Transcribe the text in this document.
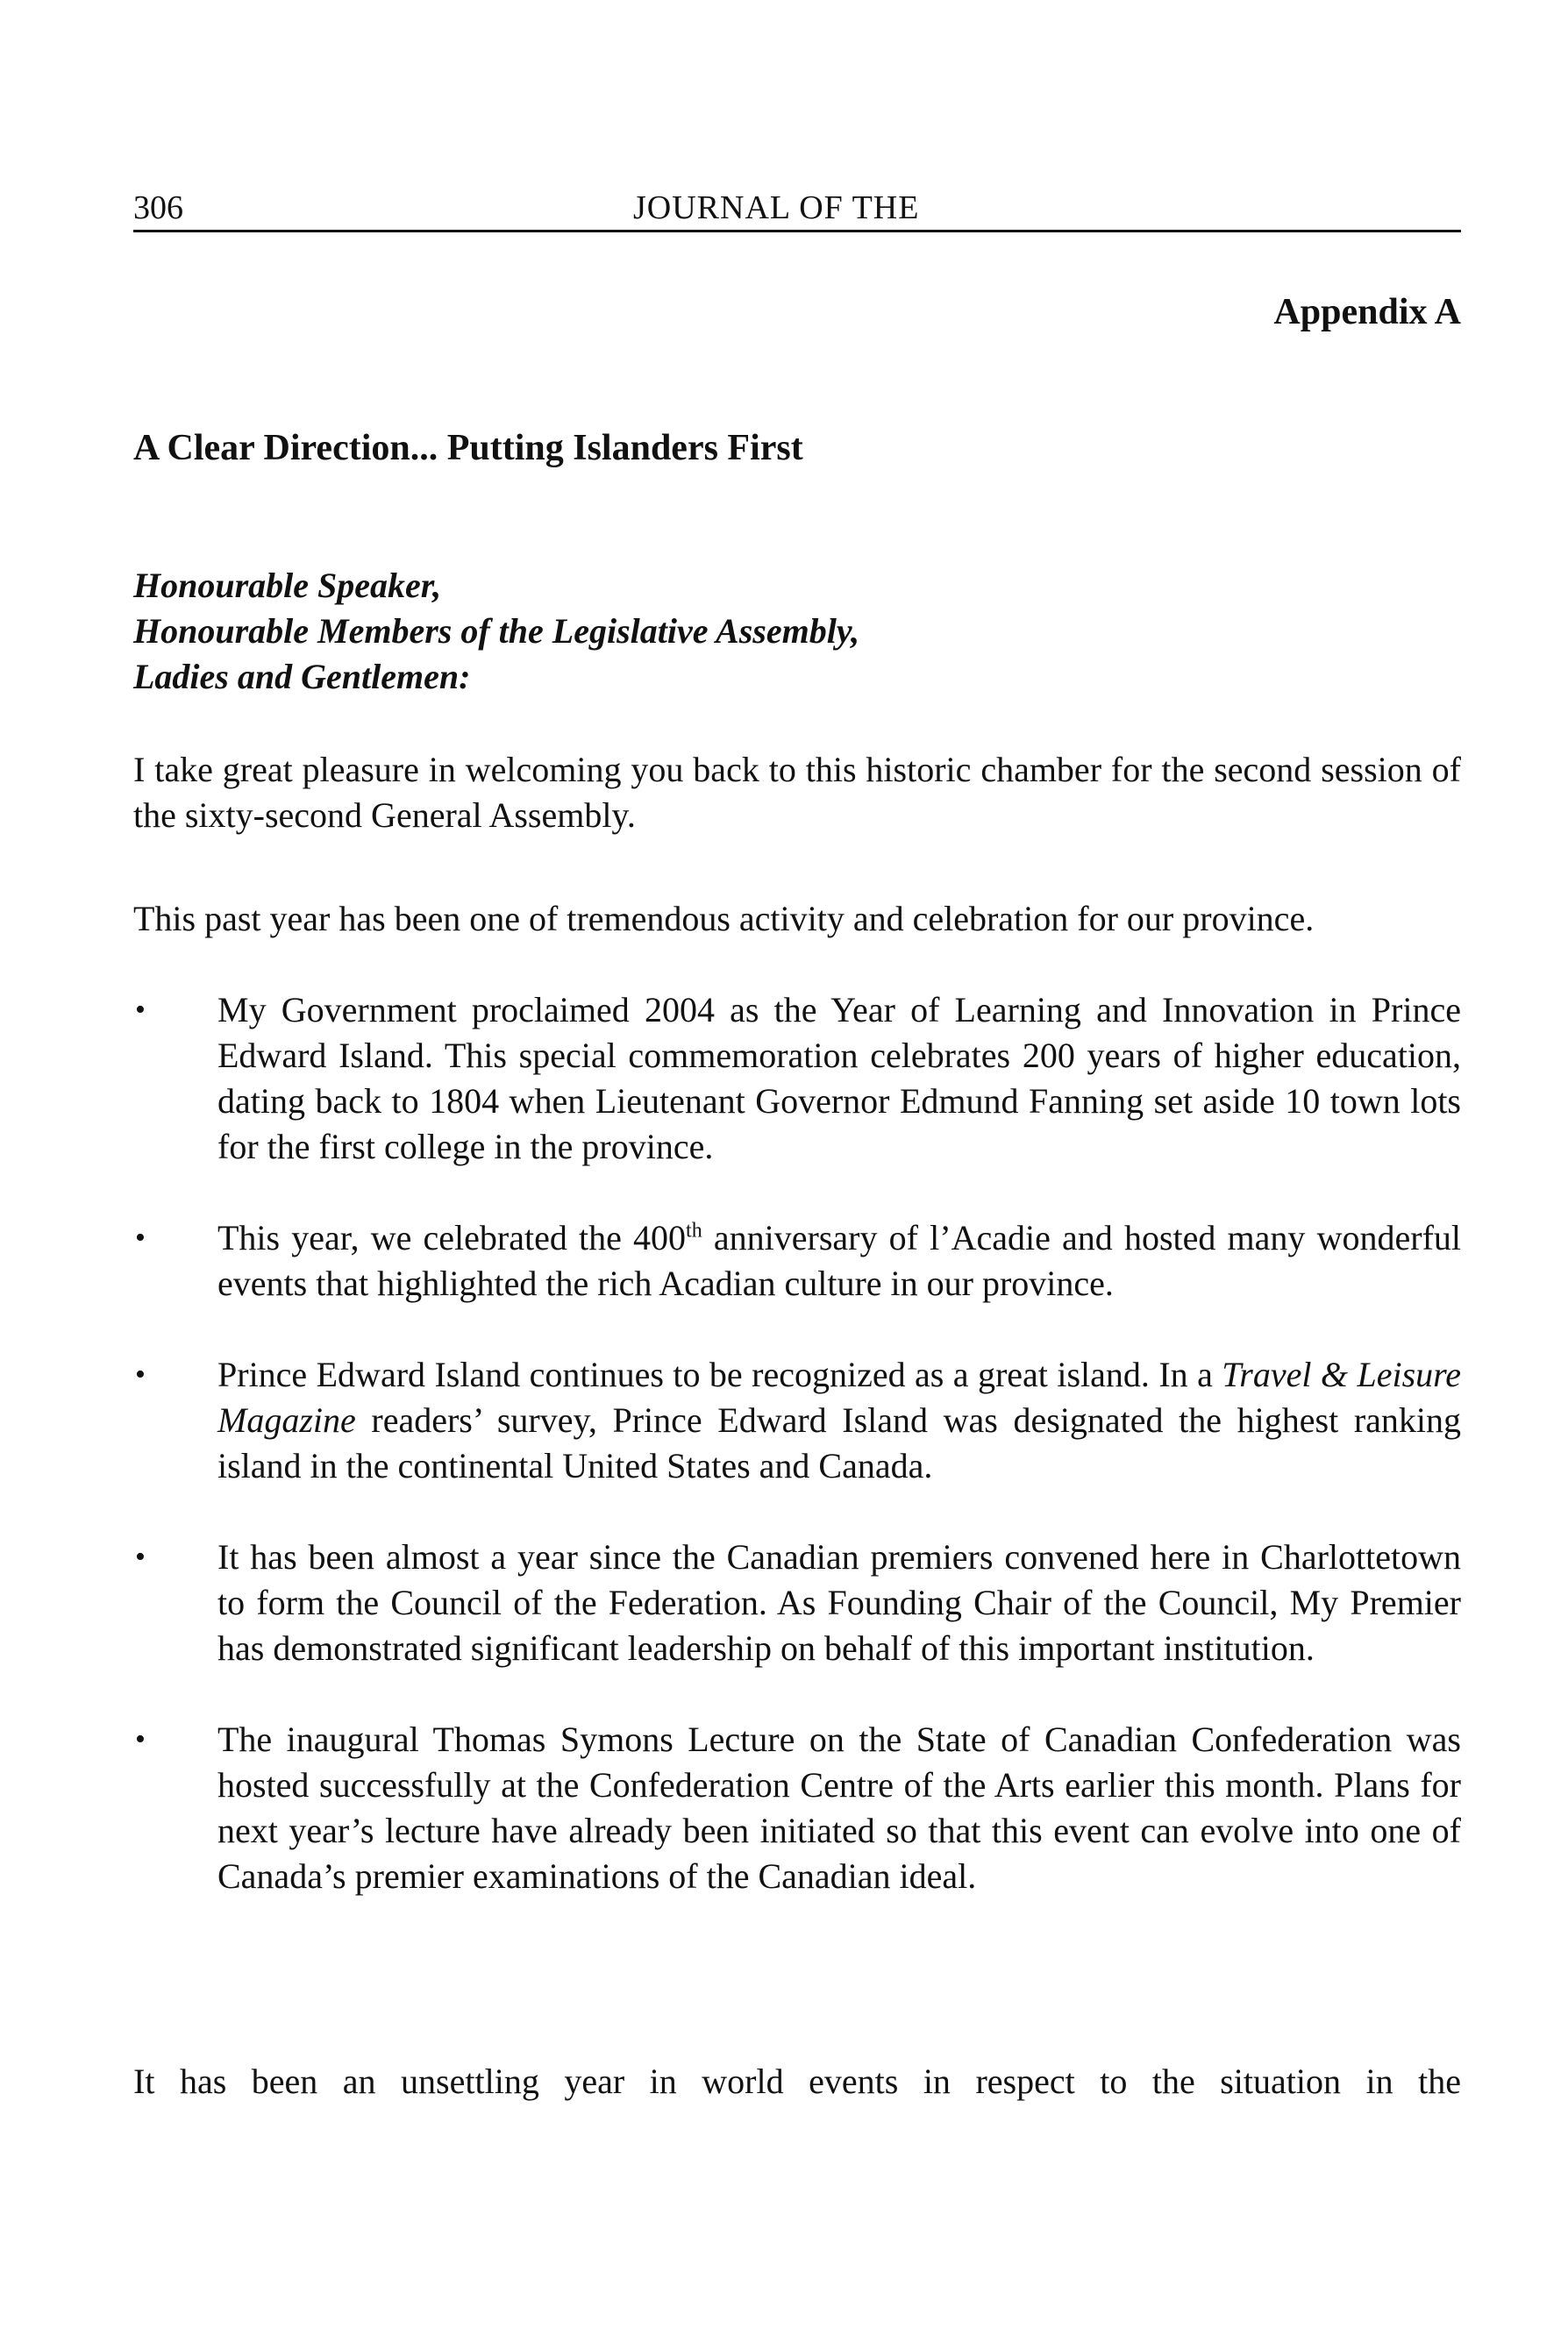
306	JOURNAL OF THE
Appendix A
A Clear Direction... Putting Islanders First
Honourable Speaker,
Honourable Members of the Legislative Assembly,
Ladies and Gentlemen:

I take great pleasure in welcoming you back to this historic chamber for the second session of the sixty-second General Assembly.

This past year has been one of tremendous activity and celebration for our province.

• My Government proclaimed 2004 as the Year of Learning and Innovation in Prince Edward Island. This special commemoration celebrates 200 years of higher education, dating back to 1804 when Lieutenant Governor Edmund Fanning set aside 10 town lots for the first college in the province.
• This year, we celebrated the 400th anniversary of l’Acadie and hosted many wonderful events that highlighted the rich Acadian culture in our province.
• Prince Edward Island continues to be recognized as a great island. In a Travel & Leisure Magazine readers’ survey, Prince Edward Island was designated the highest ranking island in the continental United States and Canada.
• It has been almost a year since the Canadian premiers convened here in Charlottetown to form the Council of the Federation. As Founding Chair of the Council, My Premier has demonstrated significant leadership on behalf of this important institution.
• The inaugural Thomas Symons Lecture on the State of Canadian Confederation was hosted successfully at the Confederation Centre of the Arts earlier this month. Plans for next year’s lecture have already been initiated so that this event can evolve into one of Canada’s premier examinations of the Canadian ideal.

It has been an unsettling year in world events in respect to the situation in the
